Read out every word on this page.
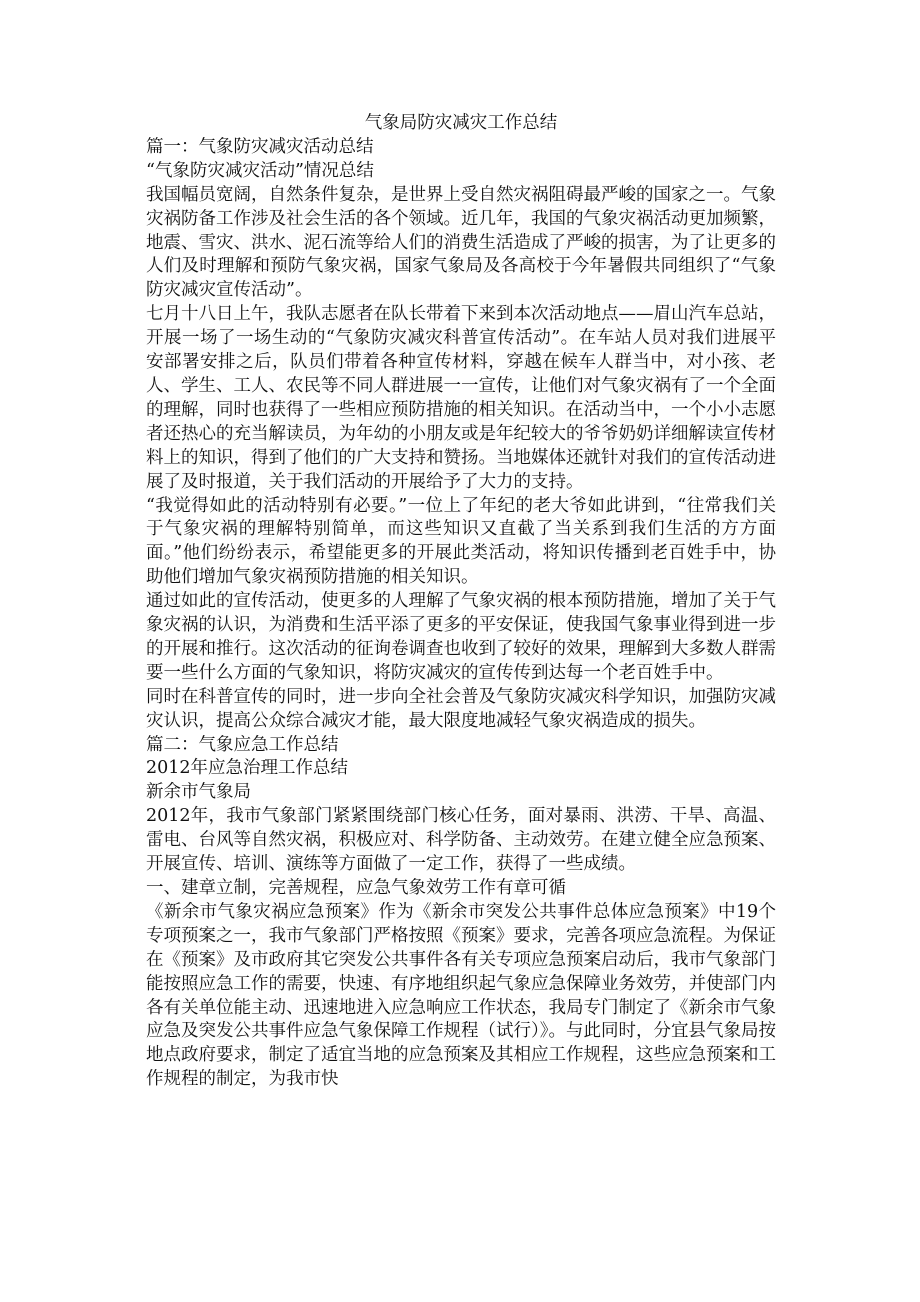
气象局防灾减灾工作总结

篇一：气象防灾减灾活动总结

“气象防灾减灾活动”情况总结

我国幅员宽阔，自然条件复杂，是世界上受自然灾祸阻碍最严峻的国家之一。气象灾祸防备工作涉及社会生活的各个领域。近几年，我国的气象灾祸活动更加频繁，地震、雪灾、洪水、泥石流等给人们的消费生活造成了严峻的损害，为了让更多的人们及时理解和预防气象灾祸，国家气象局及各高校于今年暑假共同组织了“气象防灾减灾宣传活动”。

七月十八日上午，我队志愿者在队长带着下来到本次活动地点——眉山汽车总站，开展一场了一场生动的“气象防灾减灾科普宣传活动”。在车站人员对我们进展平安部署安排之后，队员们带着各种宣传材料，穿越在候车人群当中，对小孩、老人、学生、工人、农民等不同人群进展一一宣传，让他们对气象灾祸有了一个全面的理解，同时也获得了一些相应预防措施的相关知识。在活动当中，一个小小志愿者还热心的充当解读员，为年幼的小朋友或是年纪较大的爷爷奶奶详细解读宣传材料上的知识，得到了他们的广大支持和赞扬。当地媒体还就针对我们的宣传活动进展了及时报道，关于我们活动的开展给予了大力的支持。

“我觉得如此的活动特别有必要。”一位上了年纪的老大爷如此讲到，“往常我们关于气象灾祸的理解特别简单，而这些知识又直截了当关系到我们生活的方方面面。”他们纷纷表示，希望能更多的开展此类活动，将知识传播到老百姓手中，协助他们增加气象灾祸预防措施的相关知识。

通过如此的宣传活动，使更多的人理解了气象灾祸的根本预防措施，增加了关于气象灾祸的认识，为消费和生活平添了更多的平安保证，使我国气象事业得到进一步的开展和推行。这次活动的征询卷调查也收到了较好的效果，理解到大多数人群需要一些什么方面的气象知识，将防灾减灾的宣传传到达每一个老百姓手中。

同时在科普宣传的同时，进一步向全社会普及气象防灾减灾科学知识，加强防灾减灾认识，提高公众综合减灾才能，最大限度地减轻气象灾祸造成的损失。

篇二：气象应急工作总结

2012年应急治理工作总结

新余市气象局

2012年，我市气象部门紧紧围绕部门核心任务，面对暴雨、洪涝、干旱、高温、雷电、台风等自然灾祸，积极应对、科学防备、主动效劳。在建立健全应急预案、开展宣传、培训、演练等方面做了一定工作，获得了一些成绩。

一、建章立制，完善规程，应急气象效劳工作有章可循

《新余市气象灾祸应急预案》作为《新余市突发公共事件总体应急预案》中19个专项预案之一，我市气象部门严格按照《预案》要求，完善各项应急流程。为保证在《预案》及市政府其它突发公共事件各有关专项应急预案启动后，我市气象部门能按照应急工作的需要，快速、有序地组织起气象应急保障业务效劳，并使部门内各有关单位能主动、迅速地进入应急响应工作状态，我局专门制定了《新余市气象应急及突发公共事件应急气象保障工作规程（试行）》。与此同时，分宜县气象局按地点政府要求，制定了适宜当地的应急预案及其相应工作规程，这些应急预案和工作规程的制定，为我市快
